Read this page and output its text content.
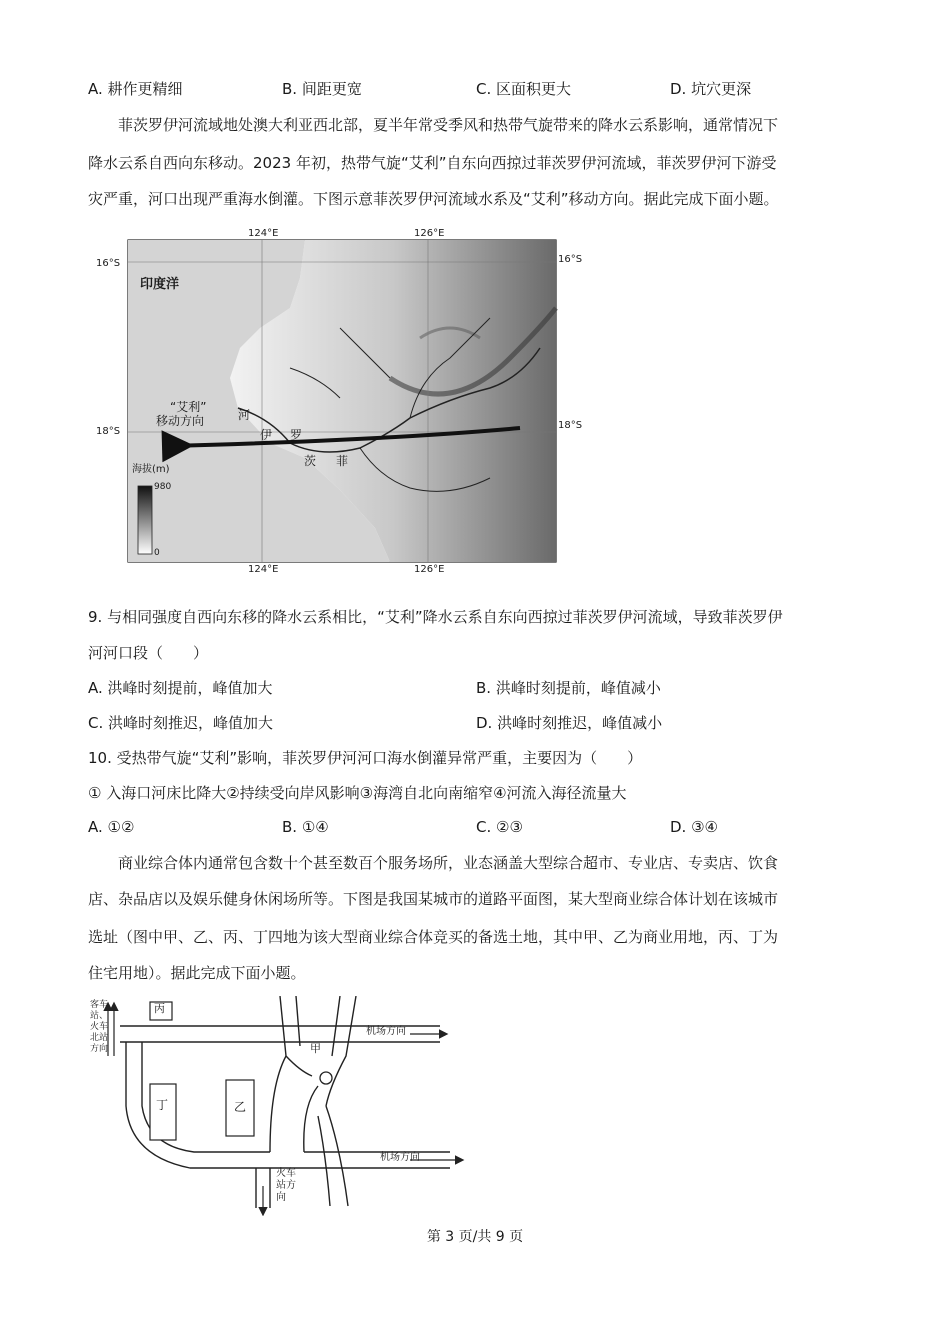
A. 耕作更精细	B. 间距更宽	C. 区面积更大	D. 坑穴更深
菲茨罗伊河流域地处澳大利亚西北部，夏半年常受季风和热带气旋带来的降水云系影响，通常情况下
降水云系自西向东移动。2023 年初，热带气旋“艾利”自东向西掠过菲茨罗伊河流域，菲茨罗伊河下游受
灾严重，河口出现严重海水倒灌。下图示意菲茨罗伊河流域水系及“艾利”移动方向。据此完成下面小题。
124°E	126°E
124°E	126°E
16°S	16°S
18°S
18°S
印度洋
“艾利”
移动方向	河
伊 罗
茨 菲
海拔(m)
980
0
9. 与相同强度自西向东移的降水云系相比，“艾利”降水云系自东向西掠过菲茨罗伊河流域，导致菲茨罗伊
河河口段（　　）
A. 洪峰时刻提前，峰值加大	B. 洪峰时刻提前，峰值减小
C. 洪峰时刻推迟，峰值加大	D. 洪峰时刻推迟，峰值减小
10. 受热带气旋“艾利”影响，菲茨罗伊河河口海水倒灌异常严重，主要因为（　　）
① 入海口河床比降大②持续受向岸风影响③海湾自北向南缩窄④河流入海径流量大
A. ①②	B. ①④	C. ②③	D. ③④
商业综合体内通常包含数十个甚至数百个服务场所，业态涵盖大型综合超市、专业店、专卖店、饮食
店、杂品店以及娱乐健身休闲场所等。下图是我国某城市的道路平面图，某大型商业综合体计划在该城市
选址（图中甲、乙、丙、丁四地为该大型商业综合体竞买的备选土地，其中甲、乙为商业用地，丙、丁为
住宅用地）。据此完成下面小题。
客车
站、
火车
北站
方向
丙
甲
乙
丁
机场方向
机场方向
火车
站方
向
第 3 页/共 9 页
